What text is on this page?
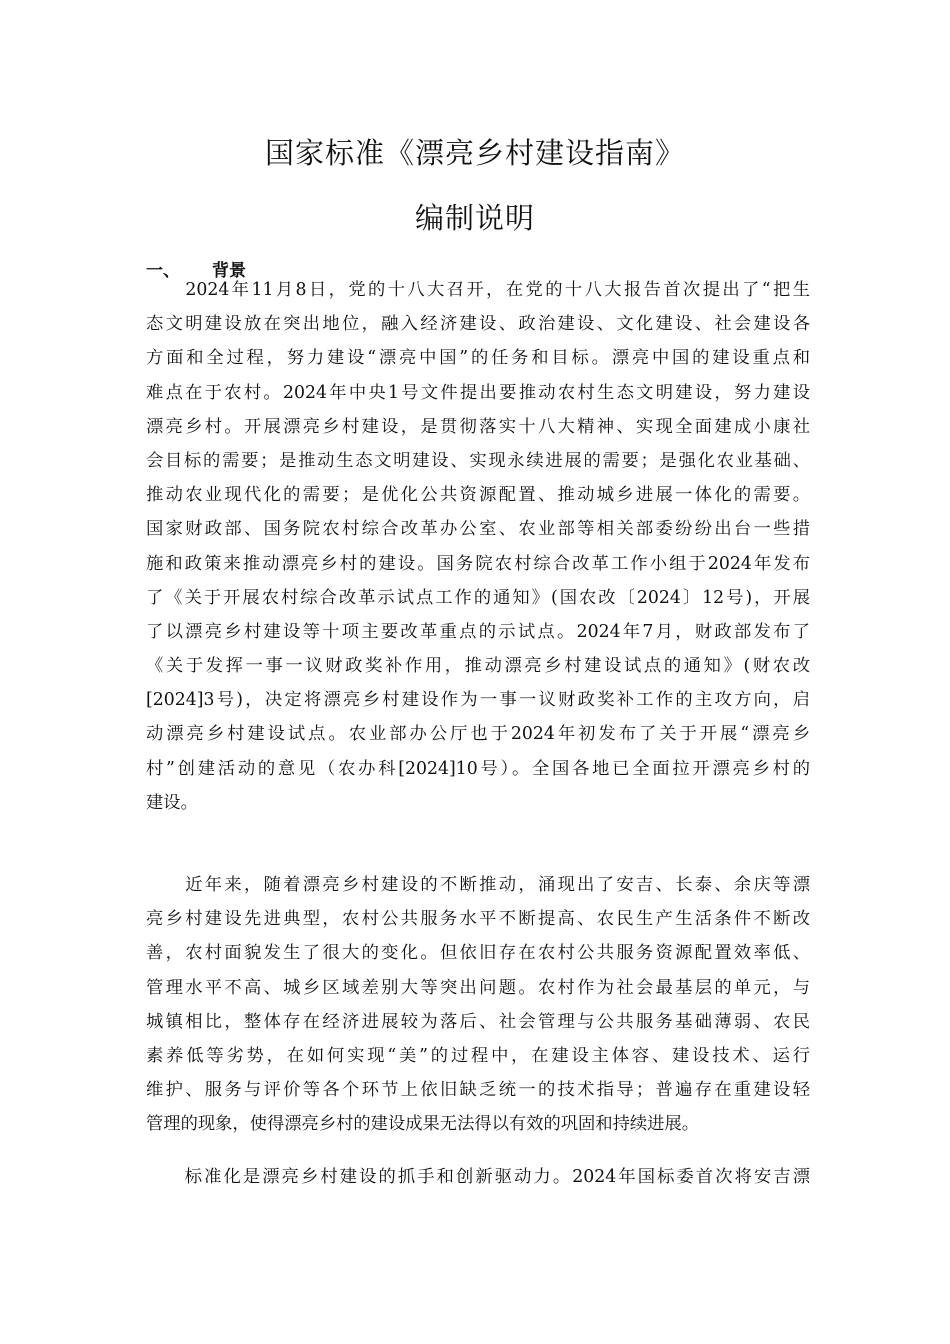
国家标准《漂亮乡村建设指南》
编制说明
一、 背景
　　2024年11月8日，党的十八大召开，在党的十八大报告首次提出了“把生
态文明建设放在突出地位，融入经济建设、政治建设、文化建设、社会建设各
方面和全过程，努力建设“漂亮中国”的任务和目标。漂亮中国的建设重点和
难点在于农村。2024年中央1号文件提出要推动农村生态文明建设，努力建设
漂亮乡村。开展漂亮乡村建设，是贯彻落实十八大精神、实现全面建成小康社
会目标的需要；是推动生态文明建设、实现永续进展的需要；是强化农业基础、
推动农业现代化的需要；是优化公共资源配置、推动城乡进展一体化的需要。
国家财政部、国务院农村综合改革办公室、农业部等相关部委纷纷出台一些措
施和政策来推动漂亮乡村的建设。国务院农村综合改革工作小组于2024年发布
了《关于开展农村综合改革示试点工作的通知》(国农改〔2024〕12号)，开展
了以漂亮乡村建设等十项主要改革重点的示试点。2024年7月，财政部发布了
《关于发挥一事一议财政奖补作用，推动漂亮乡村建设试点的通知》(财农改
[2024]3号)，决定将漂亮乡村建设作为一事一议财政奖补工作的主攻方向，启
动漂亮乡村建设试点。农业部办公厅也于2024年初发布了关于开展“漂亮乡
村”创建活动的意见（农办科[2024]10号）。全国各地已全面拉开漂亮乡村的
建设。
　　近年来，随着漂亮乡村建设的不断推动，涌现出了安吉、长泰、余庆等漂
亮乡村建设先进典型，农村公共服务水平不断提高、农民生产生活条件不断改
善，农村面貌发生了很大的变化。但依旧存在农村公共服务资源配置效率低、
管理水平不高、城乡区域差别大等突出问题。农村作为社会最基层的单元，与
城镇相比，整体存在经济进展较为落后、社会管理与公共服务基础薄弱、农民
素养低等劣势，在如何实现“美”的过程中，在建设主体容、建设技术、运行
维护、服务与评价等各个环节上依旧缺乏统一的技术指导；普遍存在重建设轻
管理的现象，使得漂亮乡村的建设成果无法得以有效的巩固和持续进展。
　　标准化是漂亮乡村建设的抓手和创新驱动力。2024年国标委首次将安吉漂
